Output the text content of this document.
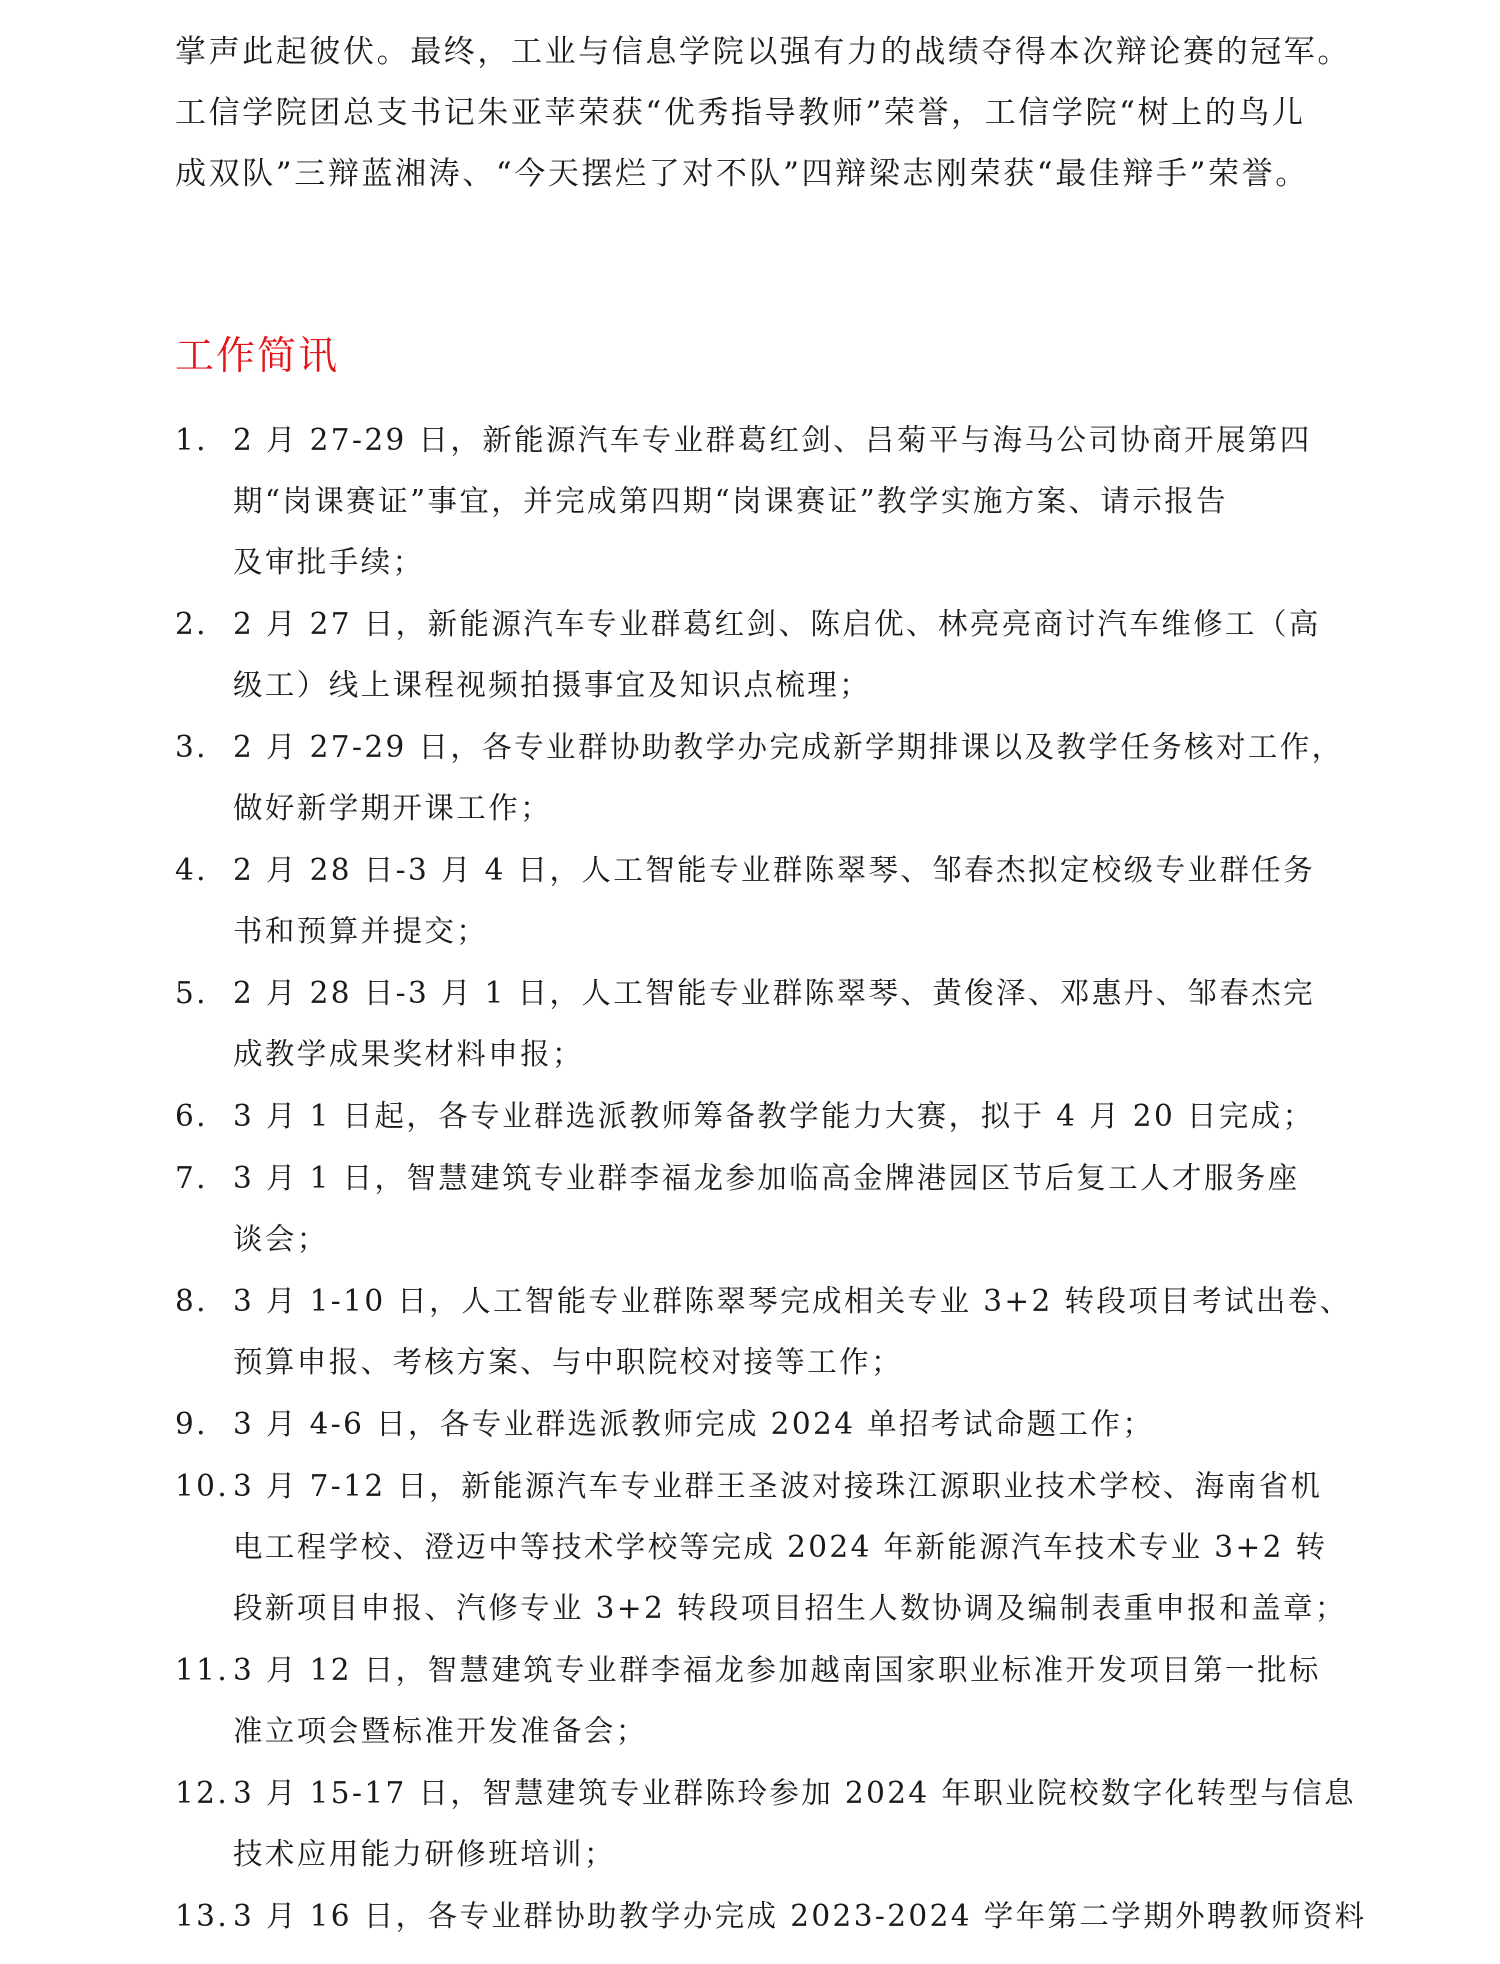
掌声此起彼伏。最终，工业与信息学院以强有力的战绩夺得本次辩论赛的冠军。
工信学院团总支书记朱亚苹荣获“优秀指导教师”荣誉，工信学院“树上的鸟儿
成双队”三辩蓝湘涛、“今天摆烂了对不队”四辩梁志刚荣获“最佳辩手”荣誉。

工作简讯
1. 2 月 27-29 日，新能源汽车专业群葛红剑、吕菊平与海马公司协商开展第四
期“岗课赛证”事宜，并完成第四期“岗课赛证”教学实施方案、请示报告
及审批手续；
2. 2 月 27 日，新能源汽车专业群葛红剑、陈启优、林亮亮商讨汽车维修工（高
级工）线上课程视频拍摄事宜及知识点梳理；
3. 2 月 27-29 日，各专业群协助教学办完成新学期排课以及教学任务核对工作，
做好新学期开课工作；
4. 2 月 28 日-3 月 4 日，人工智能专业群陈翠琴、邹春杰拟定校级专业群任务
书和预算并提交；
5. 2 月 28 日-3 月 1 日，人工智能专业群陈翠琴、黄俊泽、邓惠丹、邹春杰完
成教学成果奖材料申报；
6. 3 月 1 日起，各专业群选派教师筹备教学能力大赛，拟于 4 月 20 日完成；
7. 3 月 1 日，智慧建筑专业群李福龙参加临高金牌港园区节后复工人才服务座
谈会；
8. 3 月 1-10 日，人工智能专业群陈翠琴完成相关专业 3+2 转段项目考试出卷、
预算申报、考核方案、与中职院校对接等工作；
9. 3 月 4-6 日，各专业群选派教师完成 2024 单招考试命题工作；
10. 3 月 7-12 日，新能源汽车专业群王圣波对接珠江源职业技术学校、海南省机
电工程学校、澄迈中等技术学校等完成 2024 年新能源汽车技术专业 3+2 转
段新项目申报、汽修专业 3+2 转段项目招生人数协调及编制表重申报和盖章；
11. 3 月 12 日，智慧建筑专业群李福龙参加越南国家职业标准开发项目第一批标
准立项会暨标准开发准备会；
12. 3 月 15-17 日，智慧建筑专业群陈玲参加 2024 年职业院校数字化转型与信息
技术应用能力研修班培训；
13. 3 月 16 日，各专业群协助教学办完成 2023-2024 学年第二学期外聘教师资料
